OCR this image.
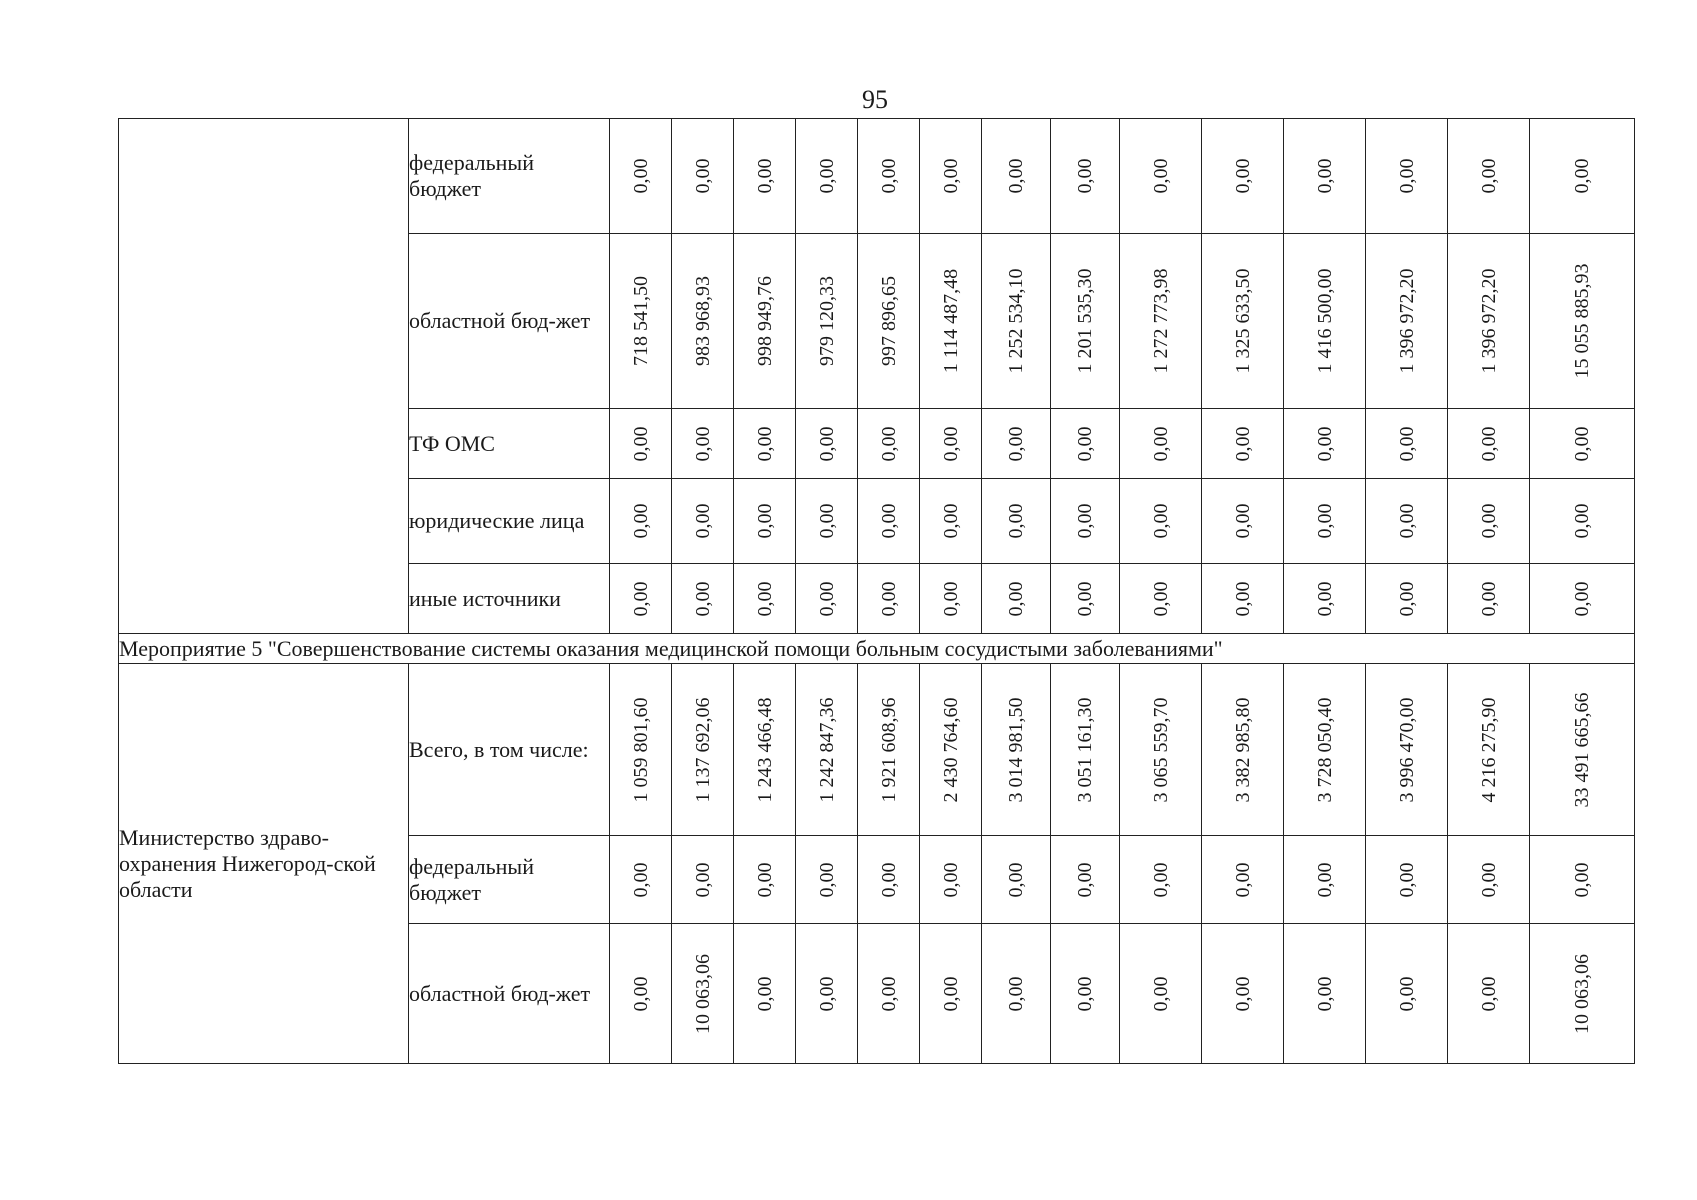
95
	федеральный бюджет	0,00	0,00	0,00	0,00	0,00	0,00	0,00	0,00	0,00	0,00	0,00	0,00	0,00	0,00

	областной бюд-жет	718 541,50	983 968,93	998 949,76	979 120,33	997 896,65	1 114 487,48	1 252 534,10	1 201 535,30	1 272 773,98	1 325 633,50	1 416 500,00	1 396 972,20	1 396 972,20	15 055 885,93

	ТФ ОМС	0,00	0,00	0,00	0,00	0,00	0,00	0,00	0,00	0,00	0,00	0,00	0,00	0,00	0,00

	юридические лица	0,00	0,00	0,00	0,00	0,00	0,00	0,00	0,00	0,00	0,00	0,00	0,00	0,00	0,00

	иные источники	0,00	0,00	0,00	0,00	0,00	0,00	0,00	0,00	0,00	0,00	0,00	0,00	0,00	0,00

Мероприятие 5 "Совершенствование системы оказания медицинской помощи больным сосудистыми заболеваниями"															
Министерство здраво-охранения Нижегород-ской области	Всего, в том числе:	1 059 801,60	1 137 692,06	1 243 466,48	1 242 847,36	1 921 608,96	2 430 764,60	3 014 981,50	3 051 161,30	3 065 559,70	3 382 985,80	3 728 050,40	3 996 470,00	4 216 275,90	33 491 665,66

	федеральный бюджет	0,00	0,00	0,00	0,00	0,00	0,00	0,00	0,00	0,00	0,00	0,00	0,00	0,00	0,00

	областной бюд-жет	0,00	10 063,06	0,00	0,00	0,00	0,00	0,00	0,00	0,00	0,00	0,00	0,00	0,00	10 063,06
